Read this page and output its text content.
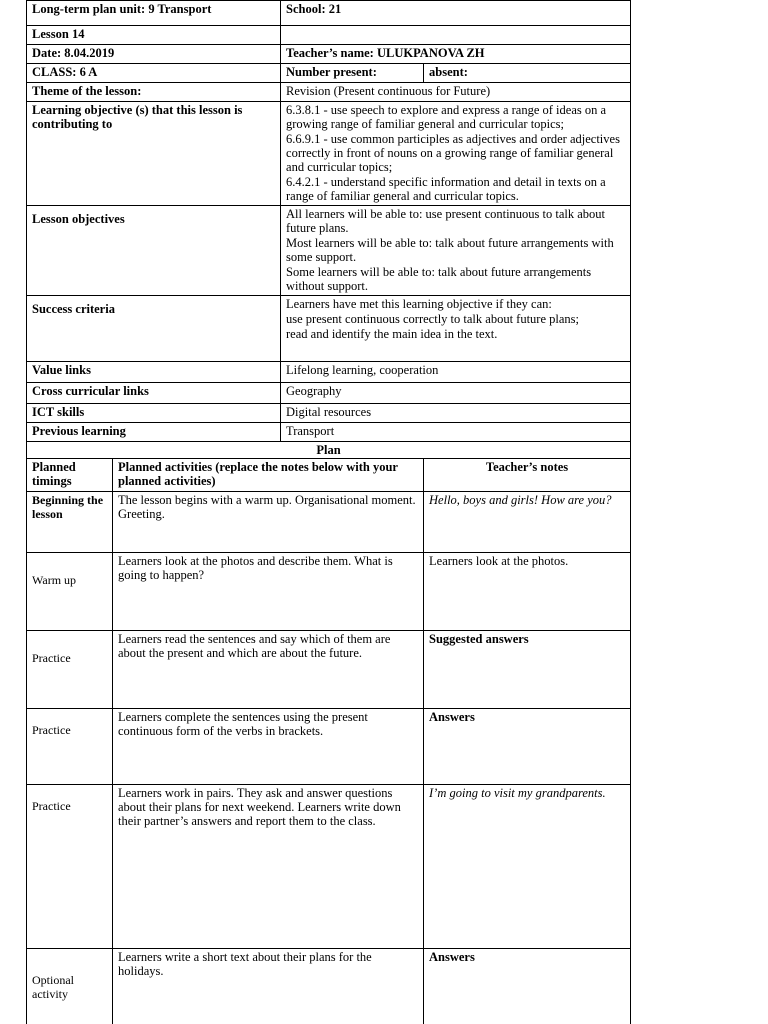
Long-term plan unit: 9 Transport		School: 21	
Lesson 14			
Date: 8.04.2019		Teacher’s name: ULUKPANOVA ZH	
CLASS: 6 A		Number present:	absent:
Theme of the lesson:		Revision (Present continuous for Future)	
Learning objective (s) that this lesson is contributing to		6.3.8.1 - use speech to explore and express a range of ideas on a growing range of familiar general and curricular topics;

6.6.9.1 - use common participles as adjectives and order adjectives correctly in front of nouns on a growing range of familiar general and curricular topics;

6.4.2.1 - understand specific information and detail in texts on a range of familiar general and curricular topics.	

Lesson objectives		All learners will be able to: use present continuous to talk about future plans.

Most learners will be able to: talk about future arrangements with some support.

Some learners will be able to: talk about future arrangements without support.	

Success criteria		Learners have met this learning objective if they can:

use present continuous correctly to talk about future plans;

read and identify the main idea in the text.	

Value links		Lifelong learning, cooperation	
Cross curricular links		Geography	
ICT skills		Digital resources	
Previous learning		Transport	
Plan			
Planned timings	Planned activities (replace the notes below with your planned activities)		Teacher’s notes
Beginning the lesson	The lesson begins with a warm up. Organisational moment. Greeting.		Hello, boys and girls! How are you?
Warm up	Learners look at the photos and describe them. What is going to happen?		Learners look at the photos.
Practice	Learners read the sentences and say which of them are about the present and which are about the future.		Suggested answers
Practice	Learners complete the sentences using the present continuous form of the verbs in brackets.		Answers
Practice	Learners work in pairs. They ask and answer questions about their plans for next weekend. Learners write down their partner’s answers and report them to the class.		I’m going to visit my grandparents.
Optional activity	Learners write a short text about their plans for the holidays.		Answers
